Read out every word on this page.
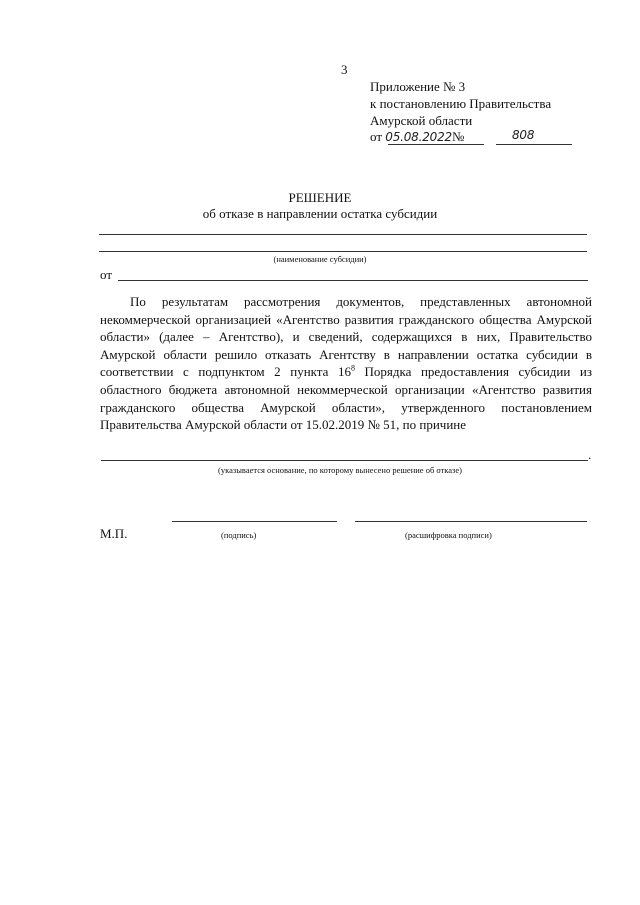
3
Приложение № 3
к постановлению Правительства
Амурской области
от 05.08.2022№	808
РЕШЕНИЕ
об отказе в направлении остатка субсидии
(наименование субсидии)
от
По результатам рассмотрения документов, представленных автономной некоммерческой организацией «Агентство развития гражданского общества Амурской области» (далее – Агентство), и сведений, содержащихся в них, Правительство Амурской области решило отказать Агентству в направлении остатка субсидии в соответствии с подпунктом 2 пункта $16^8$ Порядка предоставления субсидии из областного бюджета автономной некоммерческой организации «Агентство развития гражданского общества Амурской области», утвержденного постановлением Правительства Амурской области от 15.02.2019 № 51, по причине
.
(указывается основание, по которому вынесено решение об отказе)
М.П.	(подпись)	(расшифровка подписи)
